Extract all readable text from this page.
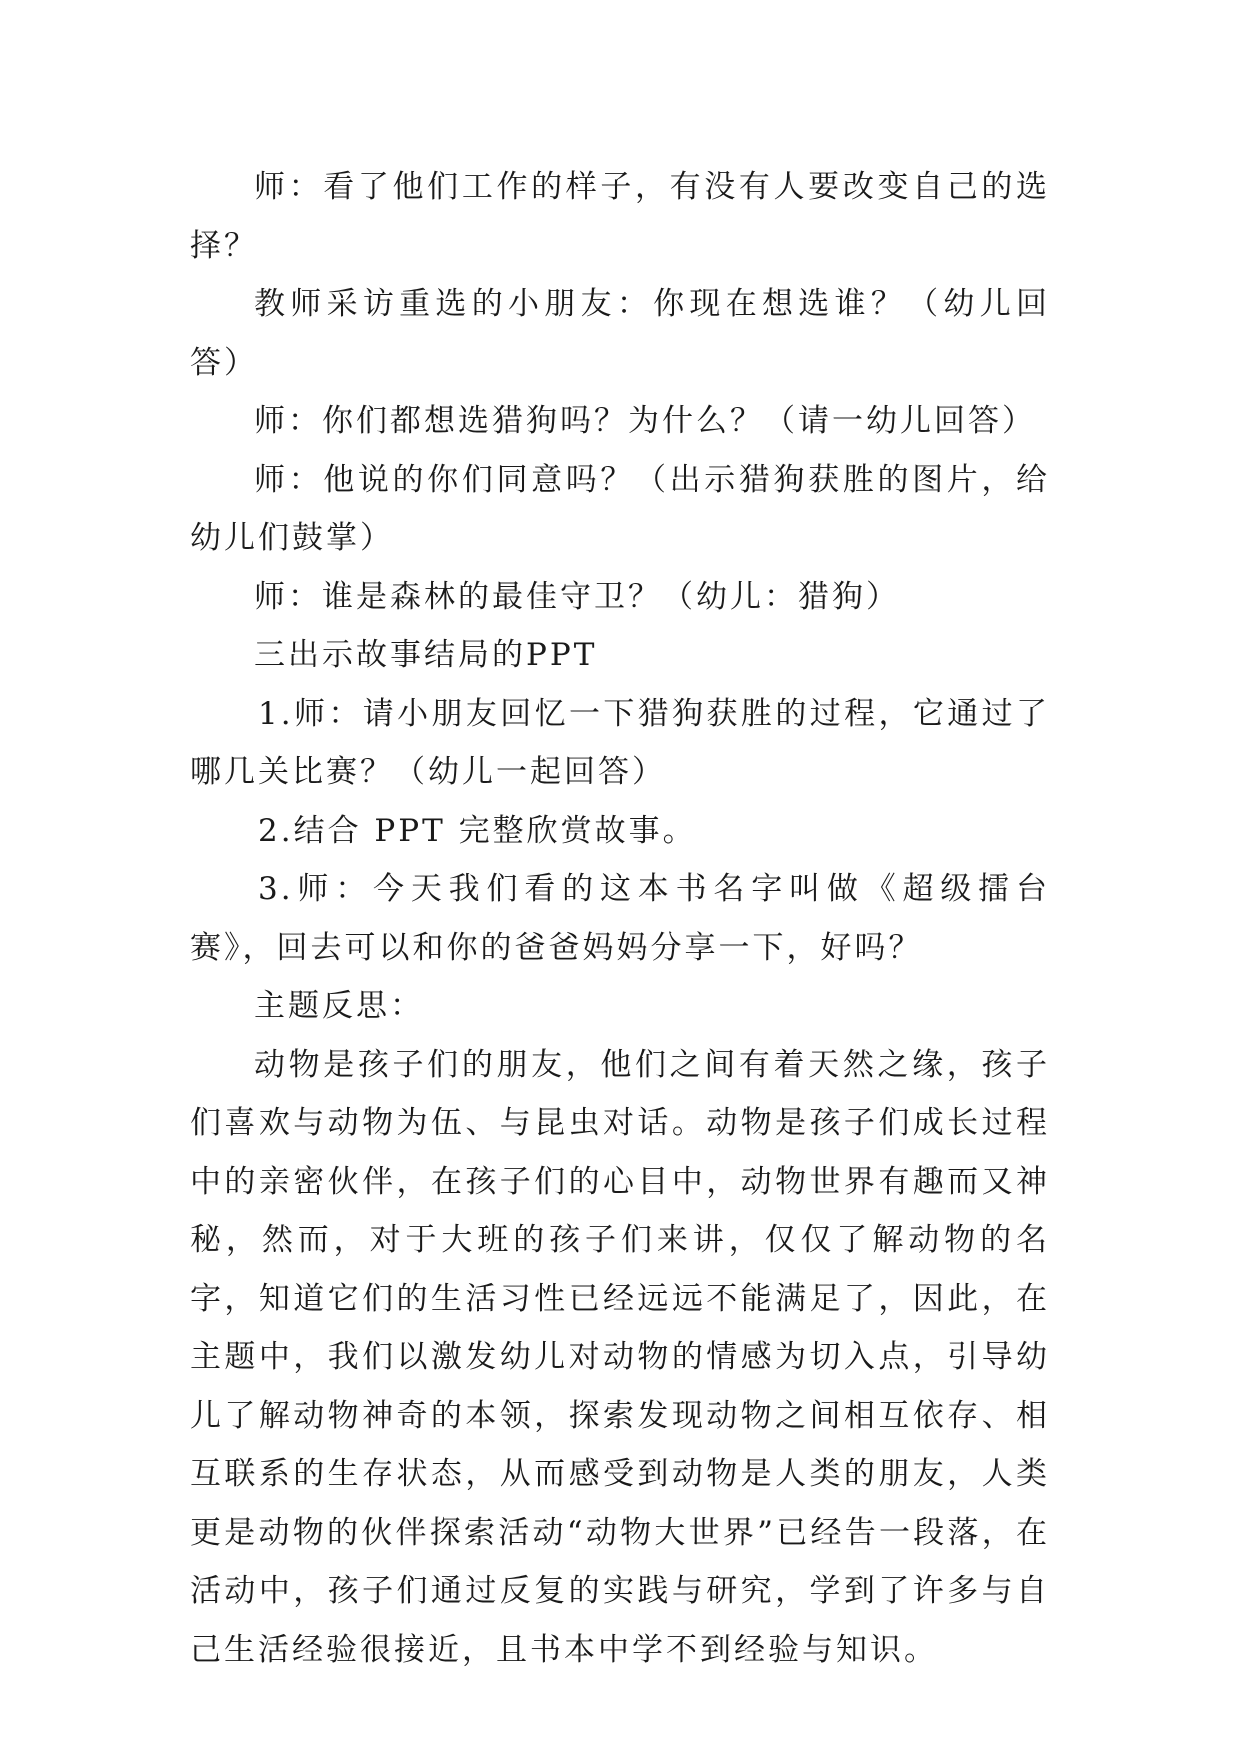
师：看了他们工作的样子，有没有人要改变自己的选择？

教师采访重选的小朋友：你现在想选谁？（幼儿回答）

师：你们都想选猎狗吗？为什么？（请一幼儿回答）

师：他说的你们同意吗？（出示猎狗获胜的图片，给幼儿们鼓掌）

师：谁是森林的最佳守卫？（幼儿：猎狗）

三出示故事结局的PPT

1.师：请小朋友回忆一下猎狗获胜的过程，它通过了哪几关比赛？（幼儿一起回答）

2.结合 PPT 完整欣赏故事。

3.师：今天我们看的这本书名字叫做《超级擂台赛》，回去可以和你的爸爸妈妈分享一下，好吗？

主题反思：

动物是孩子们的朋友，他们之间有着天然之缘，孩子们喜欢与动物为伍、与昆虫对话。动物是孩子们成长过程中的亲密伙伴，在孩子们的心目中，动物世界有趣而又神秘，然而，对于大班的孩子们来讲，仅仅了解动物的名字，知道它们的生活习性已经远远不能满足了，因此，在主题中，我们以激发幼儿对动物的情感为切入点，引导幼儿了解动物神奇的本领，探索发现动物之间相互依存、相互联系的生存状态，从而感受到动物是人类的朋友，人类更是动物的伙伴探索活动“动物大世界”已经告一段落，在活动中，孩子们通过反复的实践与研究，学到了许多与自己生活经验很接近，且书本中学不到经验与知识。
